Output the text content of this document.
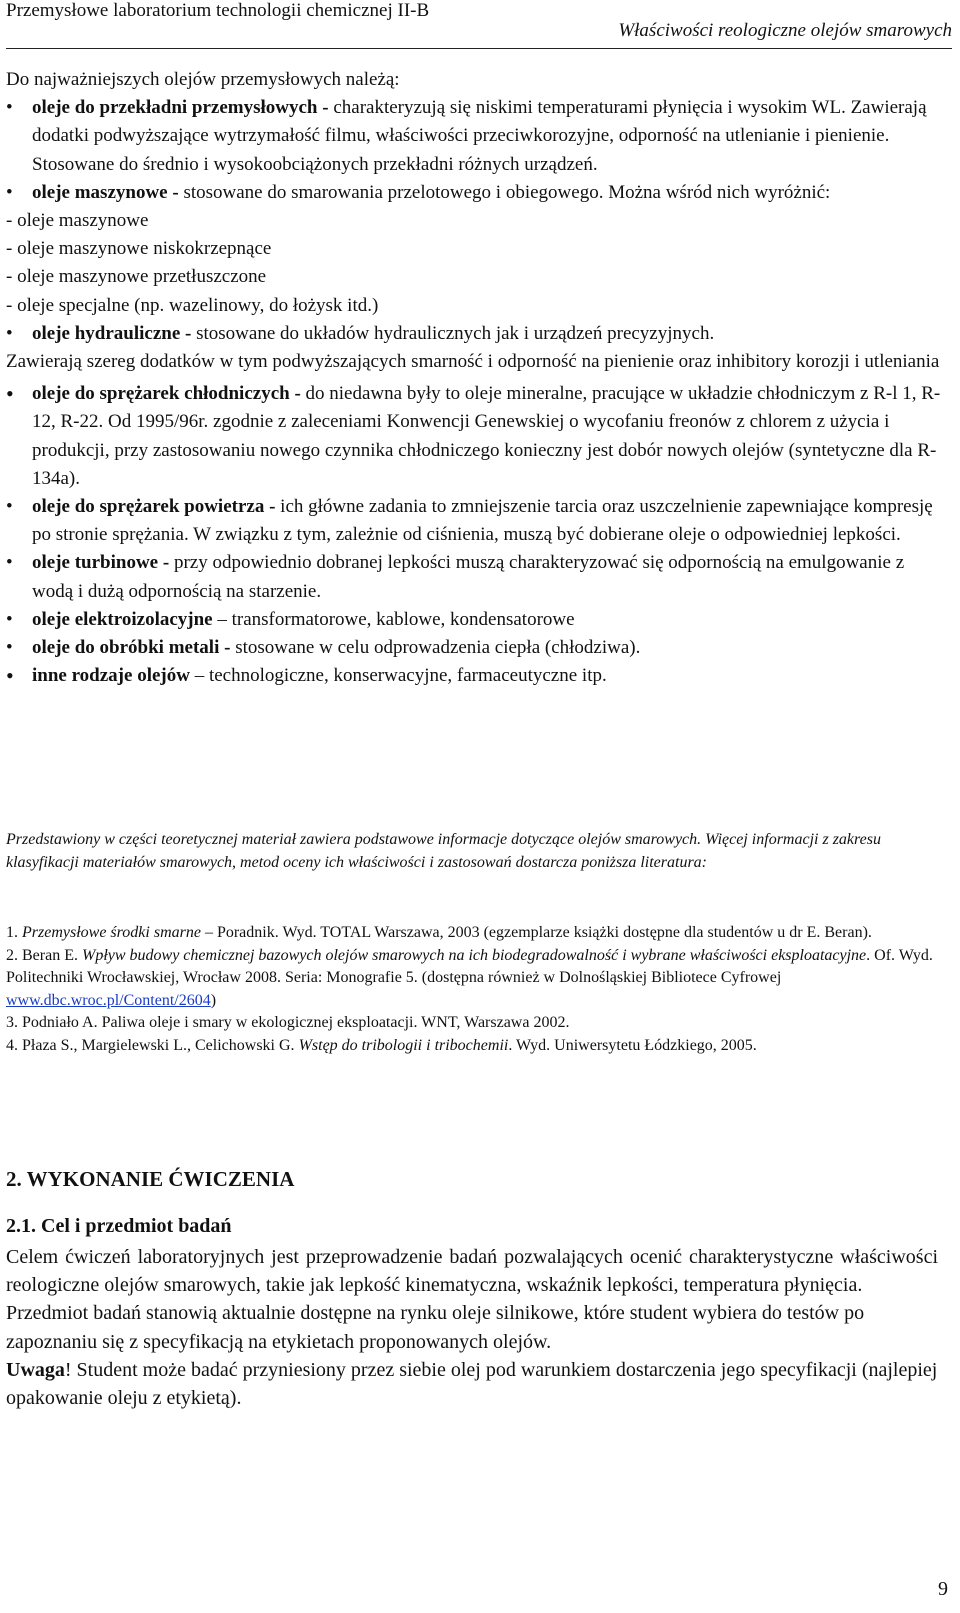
Przemysłowe laboratorium technologii chemicznej II-B
Właściwości reologiczne olejów smarowych

Do najważniejszych olejów przemysłowych należą:

• oleje do przekładni przemysłowych - charakteryzują się niskimi temperaturami płynięcia i wysokim WL. Zawierają dodatki podwyższające wytrzymałość filmu, właściwości przeciwkorozyjne, odporność na utlenianie i pienienie. Stosowane do średnio i wysokoobciążonych przekładni różnych urządzeń.

• oleje maszynowe - stosowane do smarowania przelotowego i obiegowego. Można wśród nich wyróżnić:

- oleje maszynowe

- oleje maszynowe niskokrzepnące

- oleje maszynowe przetłuszczone

- oleje specjalne (np. wazelinowy, do łożysk itd.)

• oleje hydrauliczne - stosowane do układów hydraulicznych jak i urządzeń precyzyjnych.

Zawierają szereg dodatków w tym podwyższających smarność i odporność na pienienie oraz inhibitory korozji i utleniania

• oleje do sprężarek chłodniczych - do niedawna były to oleje mineralne, pracujące w układzie chłodniczym z R-l 1, R-12, R-22. Od 1995/96r. zgodnie z zaleceniami Konwencji Genewskiej o wycofaniu freonów z chlorem z użycia i produkcji, przy zastosowaniu nowego czynnika chłodniczego konieczny jest dobór nowych olejów (syntetyczne dla R-134a).

• oleje do sprężarek powietrza - ich główne zadania to zmniejszenie tarcia oraz uszczelnienie zapewniające kompresję po stronie sprężania. W związku z tym, zależnie od ciśnienia, muszą być dobierane oleje o odpowiedniej lepkości.

• oleje turbinowe - przy odpowiednio dobranej lepkości muszą charakteryzować się odpornością na emulgowanie z wodą i dużą odpornością na starzenie.

• oleje elektroizolacyjne – transformatorowe, kablowe, kondensatorowe

• oleje do obróbki metali - stosowane w celu odprowadzenia ciepła (chłodziwa).

• inne rodzaje olejów – technologiczne, konserwacyjne, farmaceutyczne itp.

Przedstawiony w części teoretycznej materiał zawiera podstawowe informacje dotyczące olejów smarowych. Więcej informacji z zakresu klasyfikacji materiałów smarowych, metod oceny ich właściwości i zastosowań dostarcza poniższa literatura:

1. Przemysłowe środki smarne – Poradnik. Wyd. TOTAL Warszawa, 2003 (egzemplarze książki dostępne dla studentów u dr E. Beran).

2. Beran E. Wpływ budowy chemicznej bazowych olejów smarowych na ich biodegradowalność i wybrane właściwości eksploatacyjne. Of. Wyd. Politechniki Wrocławskiej, Wrocław 2008. Seria: Monografie 5. (dostępna również w Dolnośląskiej Bibliotece Cyfrowej www.dbc.wroc.pl/Content/2604)

3. Podniało A. Paliwa oleje i smary w ekologicznej eksploatacji. WNT, Warszawa 2002.

4. Płaza S., Margielewski L., Celichowski G. Wstęp do tribologii i tribochemii. Wyd. Uniwersytetu Łódzkiego, 2005.

2. WYKONANIE ĆWICZENIA
2.1. Cel i przedmiot badań

Celem ćwiczeń laboratoryjnych jest przeprowadzenie badań pozwalających ocenić charakterystyczne właściwości reologiczne olejów smarowych, takie jak lepkość kinematyczna, wskaźnik lepkości, temperatura płynięcia.

Przedmiot badań stanowią aktualnie dostępne na rynku oleje silnikowe, które student wybiera do testów po zapoznaniu się z specyfikacją na etykietach proponowanych olejów.

Uwaga! Student może badać przyniesiony przez siebie olej pod warunkiem dostarczenia jego specyfikacji (najlepiej opakowanie oleju z etykietą).

9
